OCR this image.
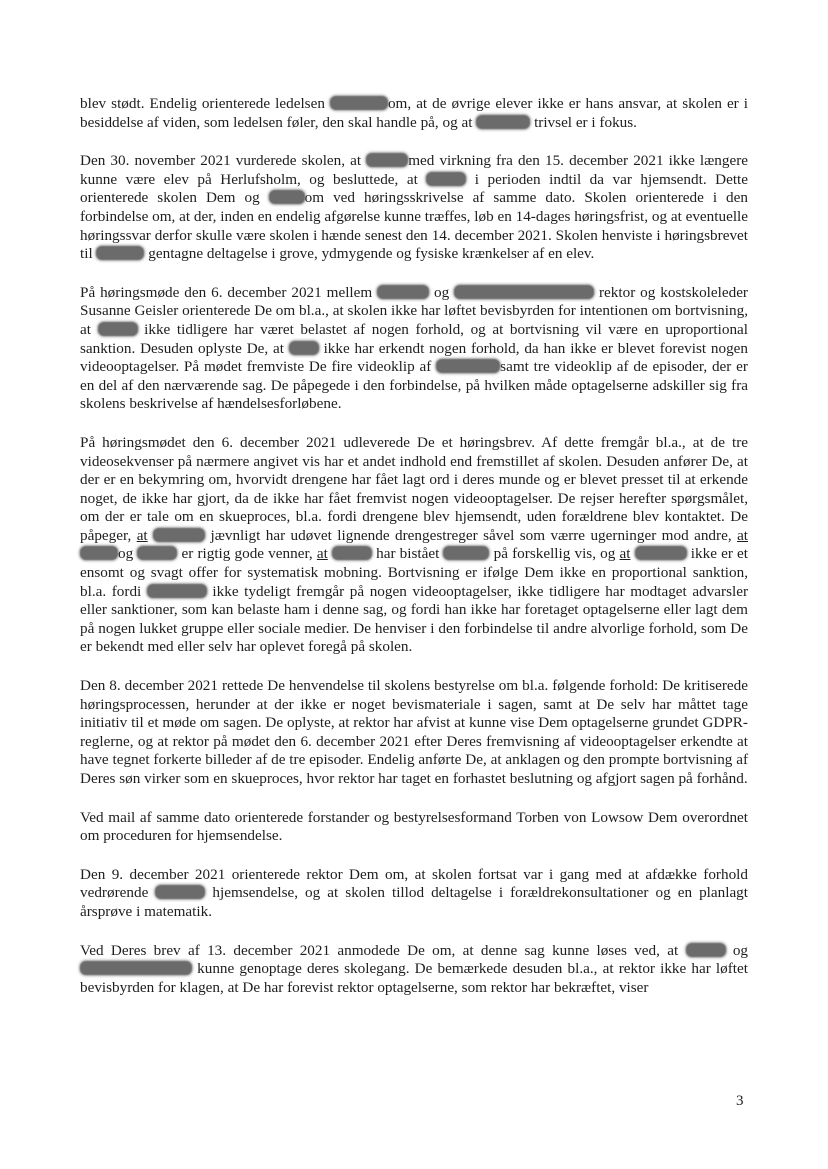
blev stødt. Endelig orienterede ledelsen	om, at de øvrige elever ikke er hans ansvar, at skolen er i besiddelse af viden, som ledelsen føler, den skal handle på, og at	trivsel er i fokus.

Den 30. november 2021 vurderede skolen, at	med virkning fra den 15. december 2021 ikke længere kunne være elev på Herlufsholm, og besluttede, at	i perioden indtil da var hjemsendt. Dette orienterede skolen Dem og om ved høringsskrivelse af samme dato. Skolen orienterede i den forbindelse om, at der, inden en endelig afgørelse kunne træffes, løb en 14-dages høringsfrist, og at eventuelle høringssvar derfor skulle være skolen i hænde senest den 14. december 2021. Skolen henviste i høringsbrevet til	gentagne deltagelse i grove, ydmygende og fysiske krænkelser af en elev.

På høringsmøde den 6. december 2021 mellem	og	rektor og kostskoleleder Susanne Geisler orienterede De om bl.a., at skolen ikke har løftet bevisbyrden for intentionen om bortvisning, at	ikke tidligere har været belastet af nogen forhold, og at bortvisning vil være en uproportional sanktion. Desuden oplyste De, at  ikke har erkendt nogen forhold, da han ikke er blevet forevist nogen videooptagelser. På mødet fremviste De fire videoklip af	samt tre videoklip af de episoder, der er en del af den nærværende sag. De påpegede i den forbindelse, på hvilken måde optagelserne adskiller sig fra skolens beskrivelse af hændelsesforløbene.

På høringsmødet den 6. december 2021 udleverede De et høringsbrev. Af dette fremgår bl.a., at de tre videosekvenser på nærmere angivet vis har et andet indhold end fremstillet af skolen. Desuden anfører De, at der er en bekymring om, hvorvidt drengene har fået lagt ord i deres munde og er blevet presset til at erkende noget, de ikke har gjort, da de ikke har fået fremvist nogen videooptagelser. De rejser herefter spørgsmålet, om der er tale om en skueproces, bl.a. fordi drengene blev hjemsendt, uden forældrene blev kontaktet. De påpeger, at	jævnligt har udøvet lignende drengestreger såvel som værre ugerninger mod andre, at og	er rigtig gode venner, at	har bistået	på forskellig vis, og at	ikke er et ensomt og svagt offer for systematisk mobning. Bortvisning er ifølge Dem ikke en proportional sanktion, bl.a. fordi	ikke tydeligt fremgår på nogen videooptagelser, ikke tidligere har modtaget advarsler eller sanktioner, som kan belaste ham i denne sag, og fordi han ikke har foretaget optagelserne eller lagt dem på nogen lukket gruppe eller sociale medier. De henviser i den forbindelse til andre alvorlige forhold, som De er bekendt med eller selv har oplevet foregå på skolen.

Den 8. december 2021 rettede De henvendelse til skolens bestyrelse om bl.a. følgende forhold: De kritiserede høringsprocessen, herunder at der ikke er noget bevismateriale i sagen, samt at De selv har måttet tage initiativ til et møde om sagen. De oplyste, at rektor har afvist at kunne vise Dem optagelserne grundet GDPR-reglerne, og at rektor på mødet den 6. december 2021 efter Deres fremvisning af videooptagelser erkendte at have tegnet forkerte billeder af de tre episoder. Endelig anførte De, at anklagen og den prompte bortvisning af Deres søn virker som en skueproces, hvor rektor har taget en forhastet beslutning og afgjort sagen på forhånd.

Ved mail af samme dato orienterede forstander og bestyrelsesformand Torben von Lowsow Dem overordnet om proceduren for hjemsendelse.

Den 9. december 2021 orienterede rektor Dem om, at skolen fortsat var i gang med at afdække forhold vedrørende	hjemsendelse, og at skolen tillod deltagelse i forældrekonsultationer og en planlagt årsprøve i matematik.

Ved Deres brev af 13. december 2021 anmodede De om, at denne sag kunne løses ved, at	og  kunne genoptage deres skolegang. De bemærkede desuden bl.a., at rektor ikke har løftet bevisbyrden for klagen, at De har forevist rektor optagelserne, som rektor har bekræftet, viser

3
